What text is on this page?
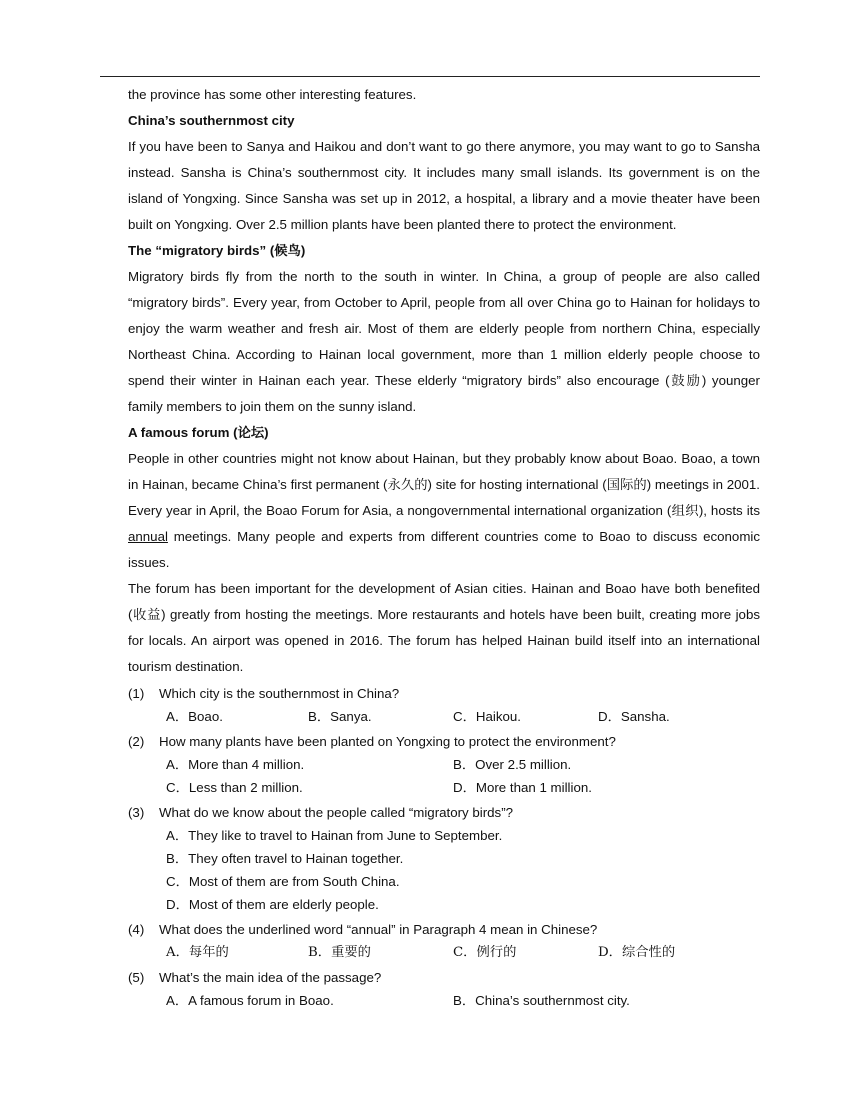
the province has some other interesting features.

China’s southernmost city

If you have been to Sanya and Haikou and don’t want to go there anymore, you may want to go to Sansha instead. Sansha is China’s southernmost city. It includes many small islands. Its government is on the island of Yongxing. Since Sansha was set up in 2012, a hospital, a library and a movie theater have been built on Yongxing. Over 2.5 million plants have been planted there to protect the environment.

The “migratory birds” (候鸟)

Migratory birds fly from the north to the south in winter. In China, a group of people are also called “migratory birds”. Every year, from October to April, people from all over China go to Hainan for holidays to enjoy the warm weather and fresh air. Most of them are elderly people from northern China, especially Northeast China. According to Hainan local government, more than 1 million elderly people choose to spend their winter in Hainan each year. These elderly “migratory birds” also encourage (鼓励) younger family members to join them on the sunny island.

A famous forum (论坛)

People in other countries might not know about Hainan, but they probably know about Boao. Boao, a town in Hainan, became China’s first permanent (永久的) site for hosting international (国际的) meetings in 2001. Every year in April, the Boao Forum for Asia, a nongovernmental international organization (组织), hosts its annual meetings. Many people and experts from different countries come to Boao to discuss economic issues.

The forum has been important for the development of Asian cities. Hainan and Boao have both benefited (收益) greatly from hosting the meetings. More restaurants and hotels have been built, creating more jobs for locals. An airport was opened in 2016. The forum has helped Hainan build itself into an international tourism destination.

(1) Which city is the southernmost in China?
A．Boao.	B．Sanya.	C．Haikou.	D．Sansha.
(2) How many plants have been planted on Yongxing to protect the environment?
A．More than 4 million.	B．Over 2.5 million.
C．Less than 2 million.	D．More than 1 million.
(3) What do we know about the people called “migratory birds”?
A．They like to travel to Hainan from June to September.
B．They often travel to Hainan together.
C．Most of them are from South China.
D．Most of them are elderly people.
(4) What does the underlined word “annual” in Paragraph 4 mean in Chinese?
A．每年的	B．重要的	C．例行的	D．综合性的
(5) What’s the main idea of the passage?
A．A famous forum in Boao.	B．China’s southernmost city.
